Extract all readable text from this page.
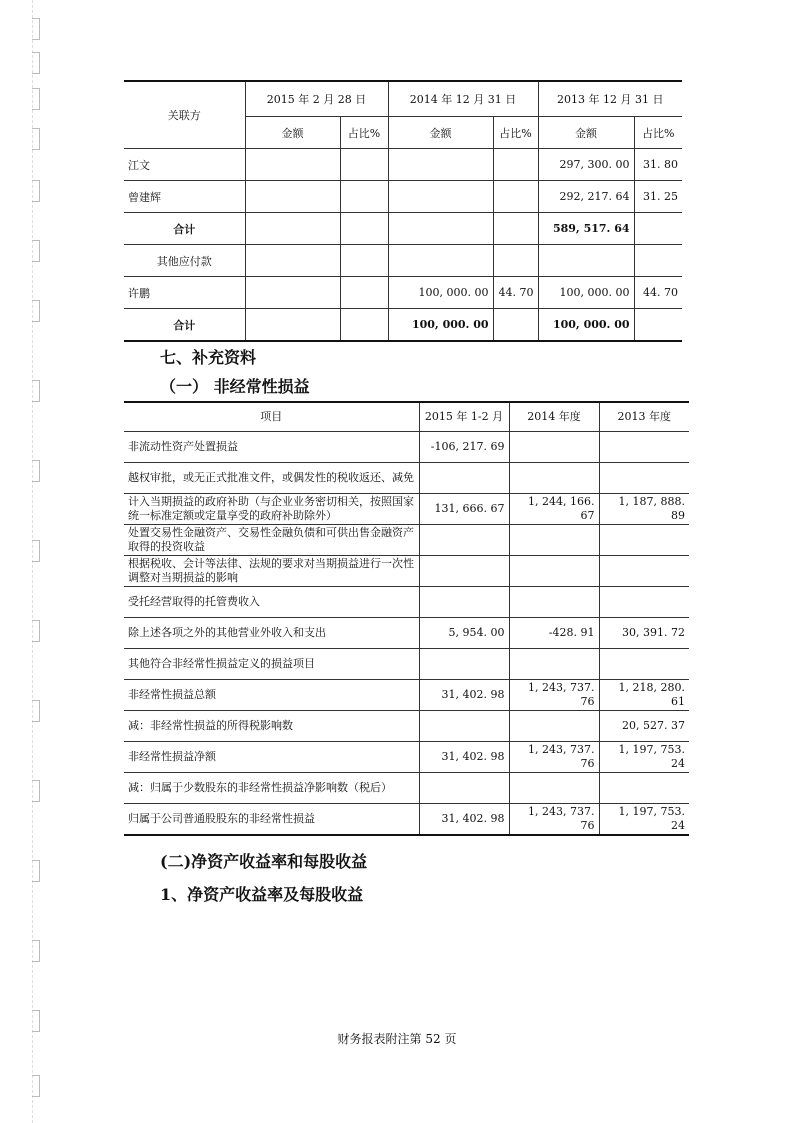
关联方	2015 年 2 月 28 日		2014 年 12 月 31 日		2013 年 12 月 31 日	
	金额	占比%	金额	占比%	金额	占比%
江文					297, 300. 00	31. 80
曾建辉					292, 217. 64	31. 25
合计					589, 517. 64	
其他应付款						
许鹏			100, 000. 00	44. 70	100, 000. 00	44. 70
合计			100, 000. 00		100, 000. 00	
七、补充资料
（一） 非经常性损益
项目	2015 年 1-2 月	2014 年度	2013 年度
非流动性资产处置损益	-106, 217. 69		
越权审批，或无正式批准文件，或偶发性的税收返还、减免			
计入当期损益的政府补助（与企业业务密切相关，按照国家统一标准定额或定量享受的政府补助除外）	131, 666. 67	1, 244, 166. 67	1, 187, 888. 89
处置交易性金融资产、交易性金融负债和可供出售金融资产取得的投资收益			
根据税收、会计等法律、法规的要求对当期损益进行一次性调整对当期损益的影响			
受托经营取得的托管费收入			
除上述各项之外的其他营业外收入和支出	5, 954. 00	-428. 91	30, 391. 72
其他符合非经常性损益定义的损益项目			
非经常性损益总额	31, 402. 98	1, 243, 737. 76	1, 218, 280. 61
减：非经常性损益的所得税影响数			20, 527. 37
非经常性损益净额	31, 402. 98	1, 243, 737. 76	1, 197, 753. 24
减：归属于少数股东的非经常性损益净影响数（税后）			
归属于公司普通股股东的非经常性损益	31, 402. 98	1, 243, 737. 76	1, 197, 753. 24
(二)净资产收益率和每股收益
1、净资产收益率及每股收益
财务报表附注第 52 页
